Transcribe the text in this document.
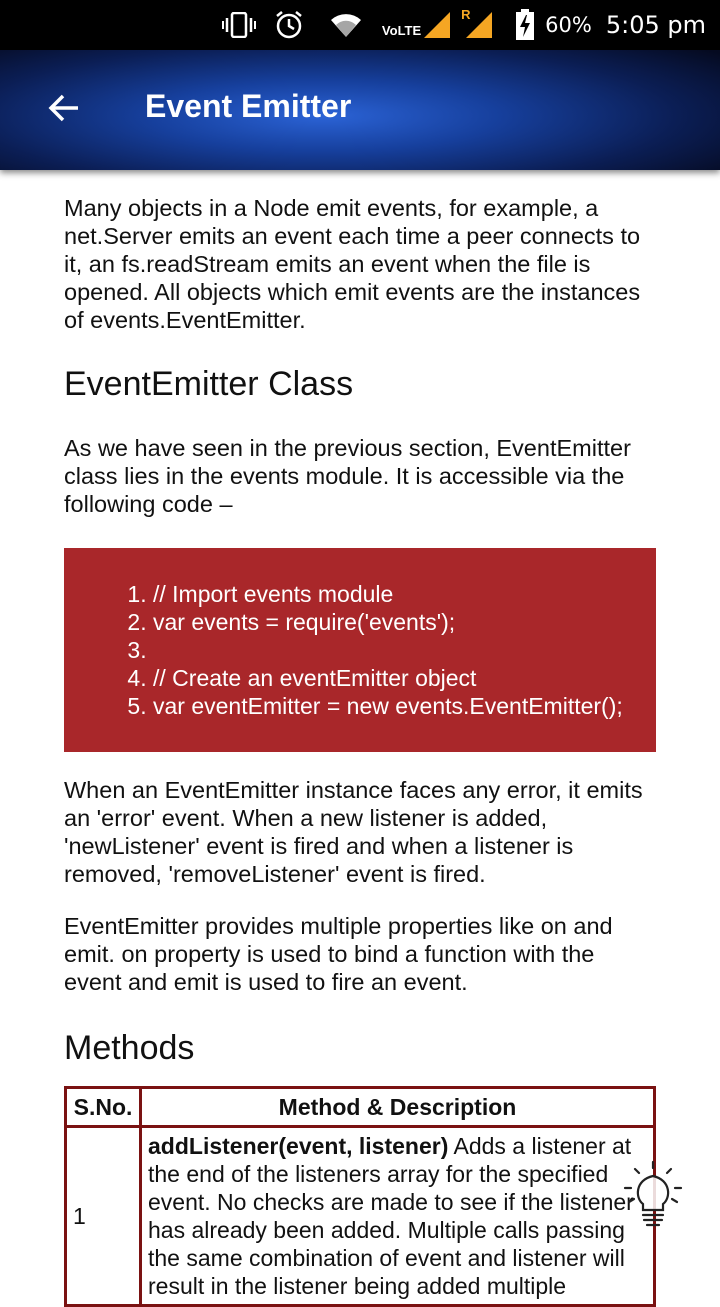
VoLTE
R	60% 5:05 pm
Event Emitter

Many objects in a Node emit events, for example, a net.Server emits an event each time a peer connects to it, an fs.readStream emits an event when the file is opened. All objects which emit events are the instances of events.EventEmitter.

EventEmitter Class

As we have seen in the previous section, EventEmitter class lies in the events module. It is accessible via the following code –

1. // Import events module
2. var events = require('events');
3.
4. // Create an eventEmitter object
5. var eventEmitter = new events.EventEmitter();

When an EventEmitter instance faces any error, it emits an 'error' event. When a new listener is added, 'newListener' event is fired and when a listener is removed, 'removeListener' event is fired.

EventEmitter provides multiple properties like on and emit. on property is used to bind a function with the event and emit is used to fire an event.

Methods
S.No.	Method & Description
1	addListener(event, listener) Adds a listener at the end of the listeners array for the specified event. No checks are made to see if the listener has already been added. Multiple calls passing the same combination of event and listener will result in the listener being added multiple
